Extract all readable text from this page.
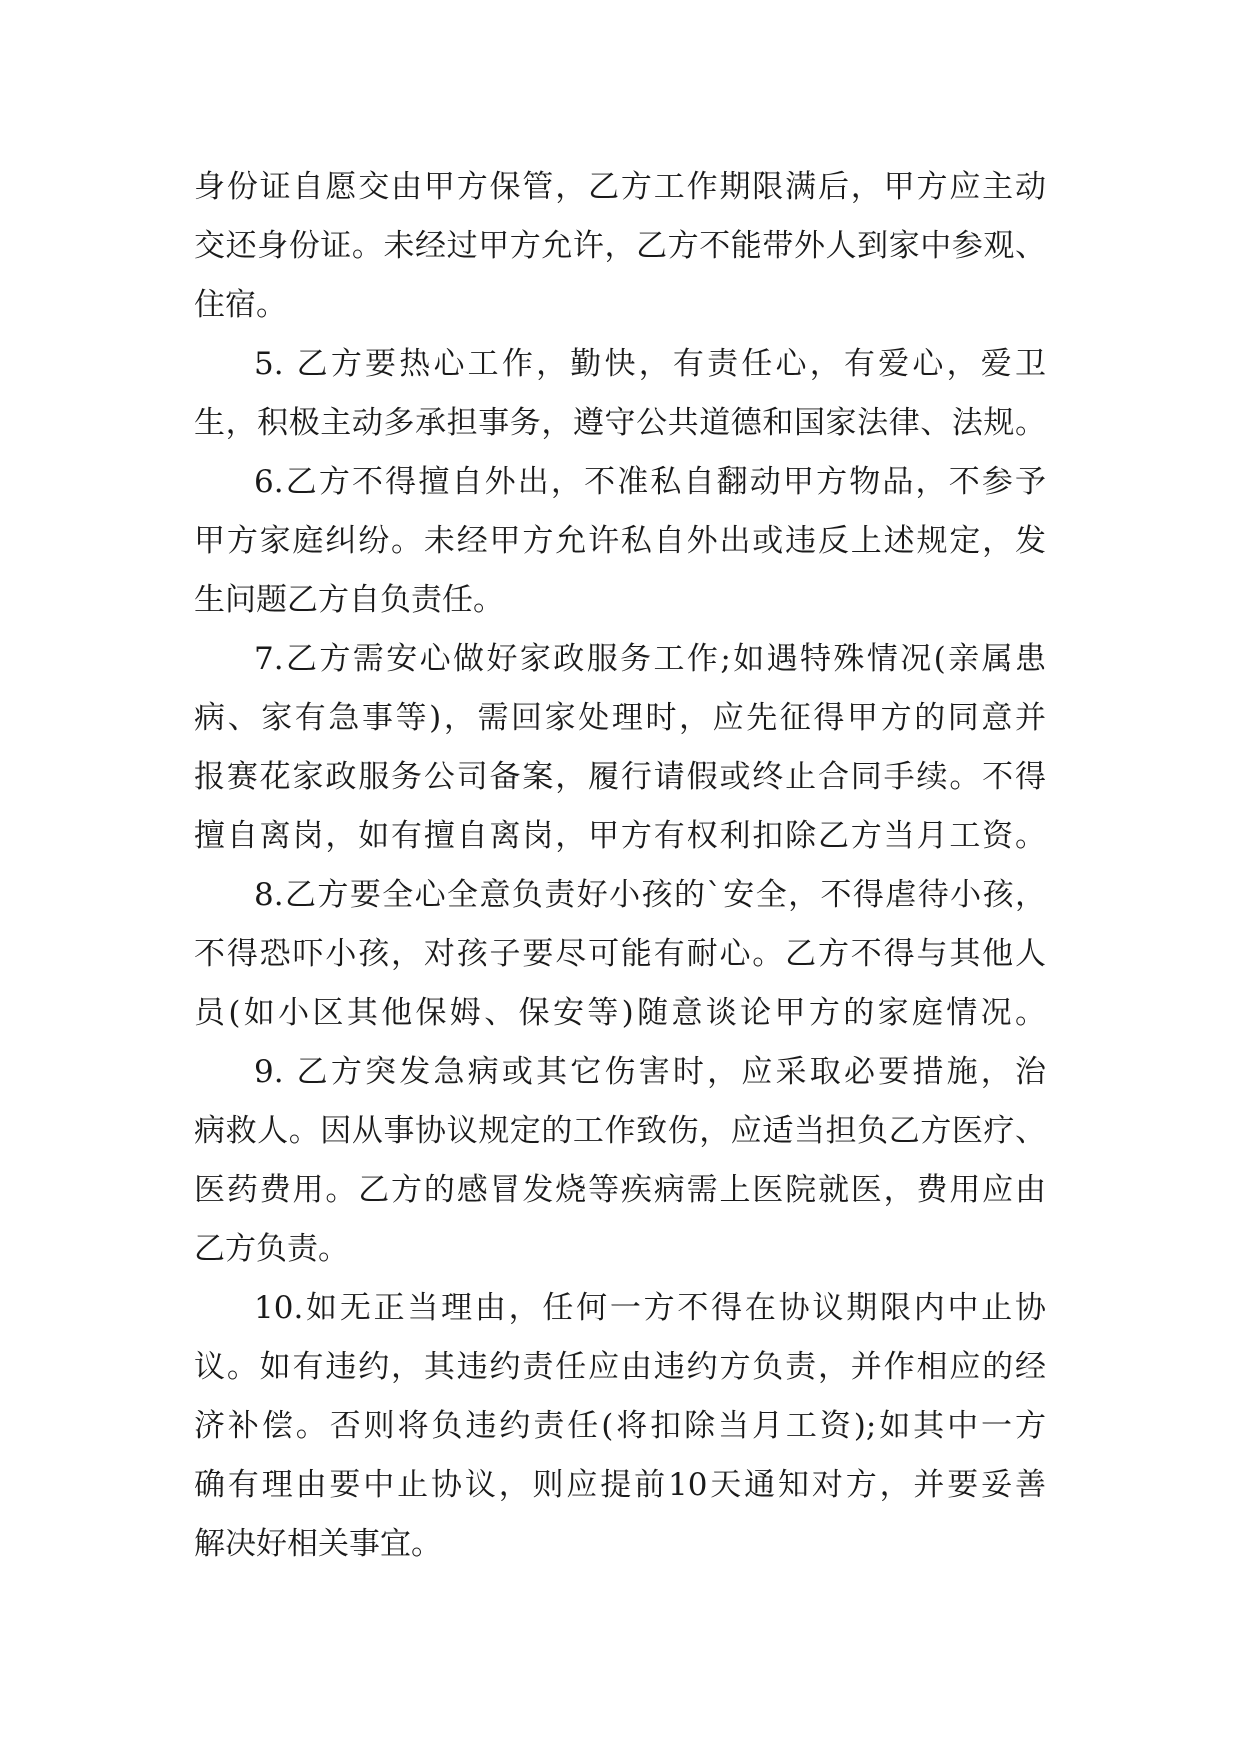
身份证自愿交由甲方保管，乙方工作期限满后，甲方应主动
交还身份证。未经过甲方允许，乙方不能带外人到家中参观、
住宿。
5. 乙方要热心工作，勤快，有责任心，有爱心，爱卫
生，积极主动多承担事务，遵守公共道德和国家法律、法规。
6.乙方不得擅自外出，不准私自翻动甲方物品，不参予
甲方家庭纠纷。未经甲方允许私自外出或违反上述规定，发
生问题乙方自负责任。
7.乙方需安心做好家政服务工作;如遇特殊情况(亲属患
病、家有急事等)，需回家处理时，应先征得甲方的同意并
报赛花家政服务公司备案，履行请假或终止合同手续。不得
擅自离岗，如有擅自离岗，甲方有权利扣除乙方当月工资。
8.乙方要全心全意负责好小孩的`安全，不得虐待小孩，
不得恐吓小孩，对孩子要尽可能有耐心。乙方不得与其他人
员(如小区其他保姆、保安等)随意谈论甲方的家庭情况。
9. 乙方突发急病或其它伤害时，应采取必要措施，治
病救人。因从事协议规定的工作致伤，应适当担负乙方医疗、
医药费用。乙方的感冒发烧等疾病需上医院就医，费用应由
乙方负责。
10.如无正当理由，任何一方不得在协议期限内中止协
议。如有违约，其违约责任应由违约方负责，并作相应的经
济补偿。否则将负违约责任(将扣除当月工资);如其中一方
确有理由要中止协议，则应提前10天通知对方，并要妥善
解决好相关事宜。
